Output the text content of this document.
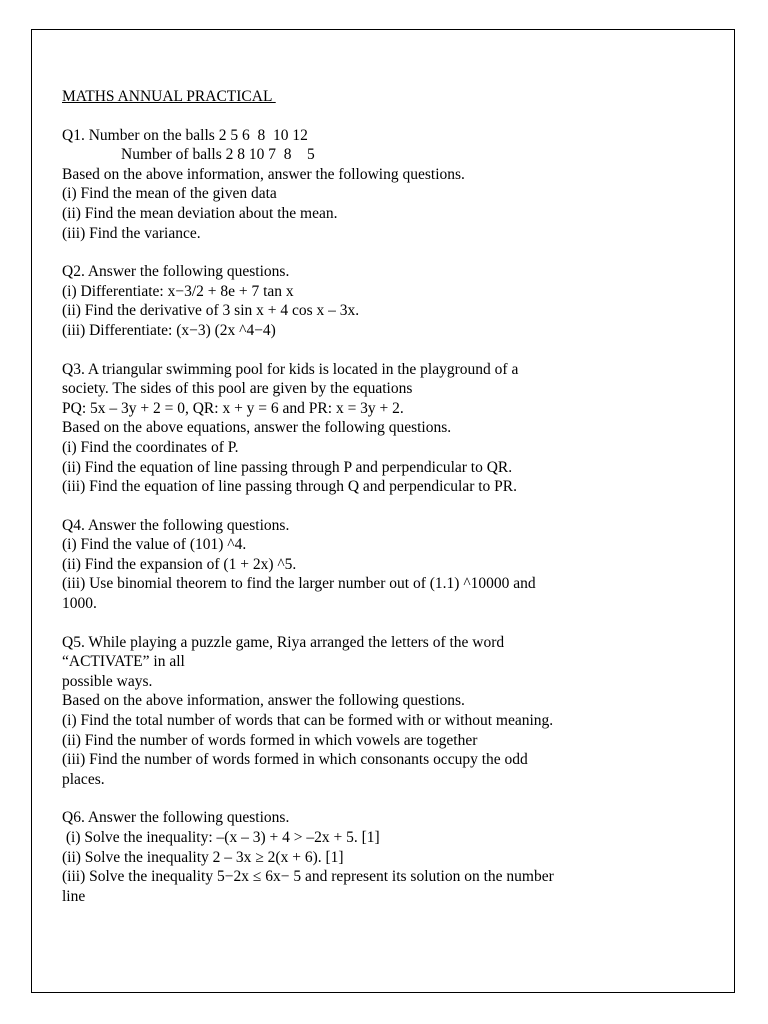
MATHS ANNUAL PRACTICAL
Q1. Number on the balls 2 5 6  8  10 12
Number of balls 2 8 10 7  8    5
Based on the above information, answer the following questions.
(i) Find the mean of the given data
(ii) Find the mean deviation about the mean.
(iii) Find the variance.
Q2. Answer the following questions.
(i) Differentiate: x−3/2 + 8e + 7 tan x
(ii) Find the derivative of 3 sin x + 4 cos x – 3x.
(iii) Differentiate: (x−3) (2x ^4−4)
Q3. A triangular swimming pool for kids is located in the playground of a
society. The sides of this pool are given by the equations
PQ: 5x – 3y + 2 = 0, QR: x + y = 6 and PR: x = 3y + 2.
Based on the above equations, answer the following questions.
(i) Find the coordinates of P.
(ii) Find the equation of line passing through P and perpendicular to QR.
(iii) Find the equation of line passing through Q and perpendicular to PR.
Q4. Answer the following questions.
(i) Find the value of (101) ^4.
(ii) Find the expansion of (1 + 2x) ^5.
(iii) Use binomial theorem to find the larger number out of (1.1) ^10000 and
1000.
Q5. While playing a puzzle game, Riya arranged the letters of the word
“ACTIVATE” in all
possible ways.
Based on the above information, answer the following questions.
(i) Find the total number of words that can be formed with or without meaning.
(ii) Find the number of words formed in which vowels are together
(iii) Find the number of words formed in which consonants occupy the odd
places.
Q6. Answer the following questions.
(i) Solve the inequality: –(x – 3) + 4 > –2x + 5. [1]
(ii) Solve the inequality 2 – 3x ≥ 2(x + 6). [1]
(iii) Solve the inequality 5−2x ≤ 6x− 5 and represent its solution on the number
line
